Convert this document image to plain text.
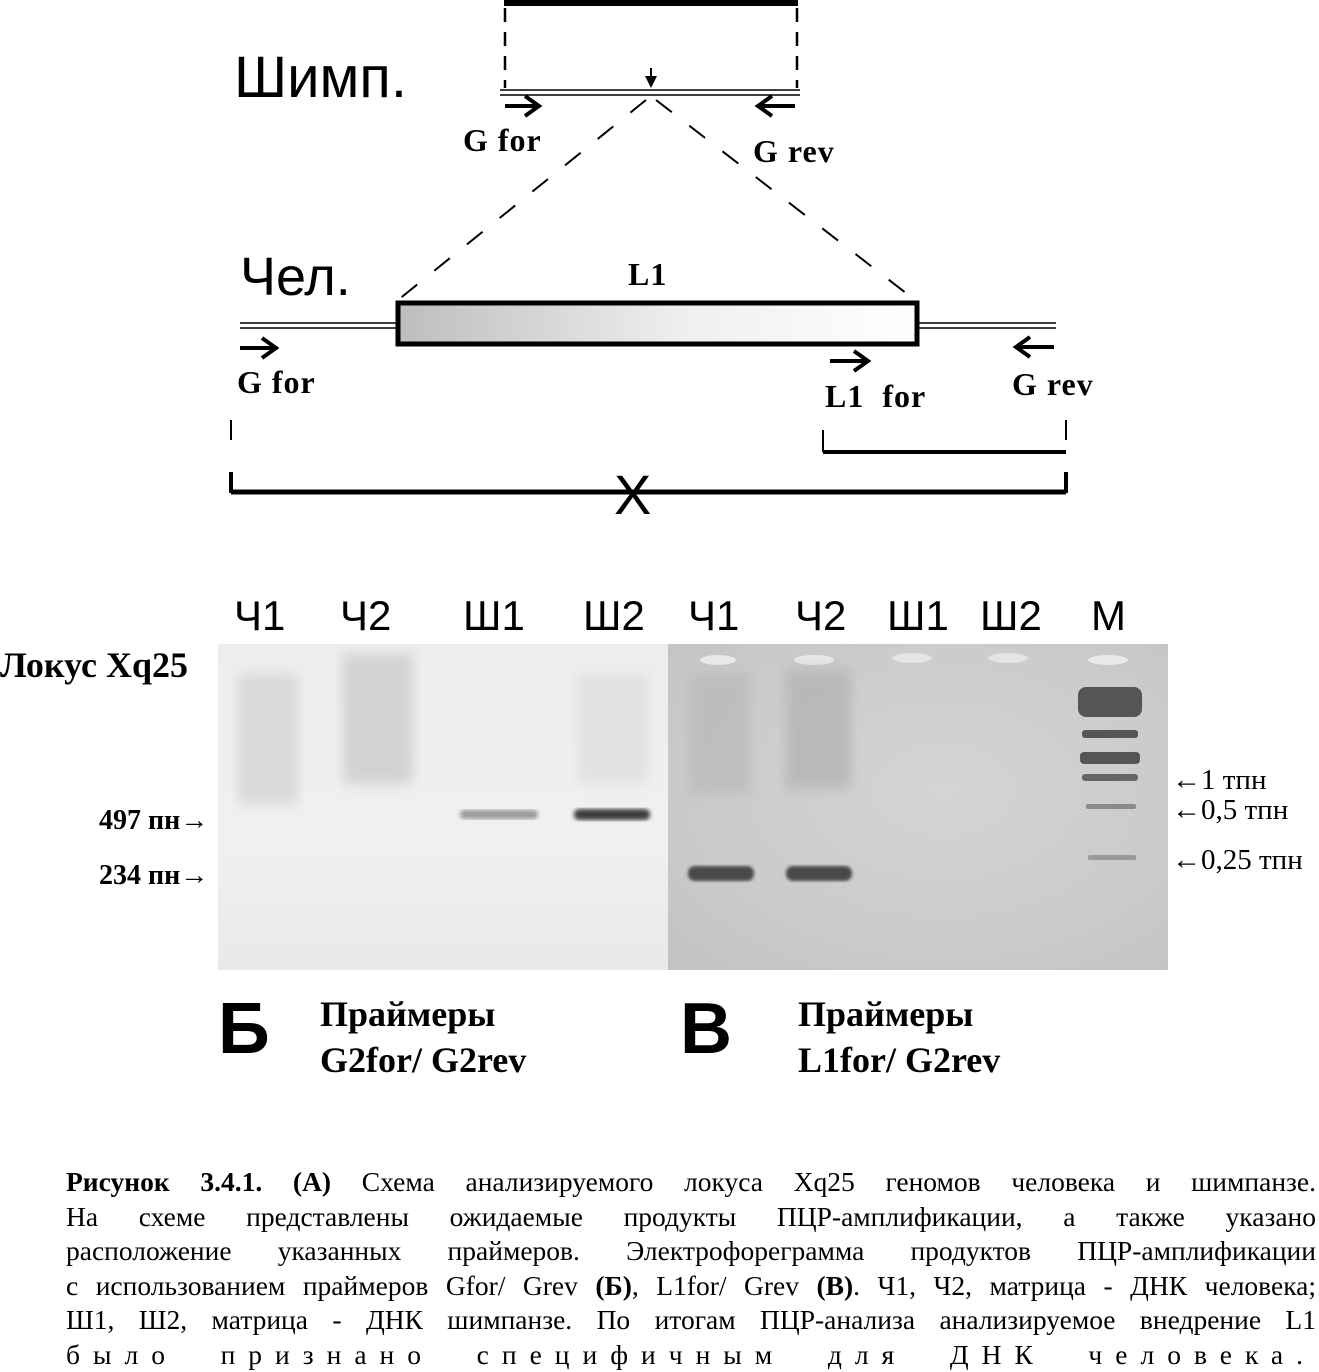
Шимп.
Чел.
G for	G rev
L1
G for	L1  for	G rev
X
Ч1 Ч2 Ш1 Ш2 Ч1 Ч2 Ш1 Ш2 М
Локус Xq25
497 пн→
234 пн→
←1 тпн
←0,5 тпн
←0,25 тпн
Б Праймеры
G2for/ G2rev В Праймеры
L1for/ G2rev
Рисунок 3.4.1. (А) Схема анализируемого локуса Xq25 геномов человека и шимпанзе.
На схеме представлены ожидаемые продукты ПЦР-амплификации, а также указано
расположение указанных праймеров. Электрофореграмма продуктов ПЦР-амплификации
с использованием праймеров Gfor/ Grev (Б), L1for/ Grev (В). Ч1, Ч2, матрица - ДНК человека;
Ш1, Ш2, матрица - ДНК шимпанзе. По итогам ПЦР-анализа анализируемое внедрение L1
было признано специфичным для ДНК человека.
